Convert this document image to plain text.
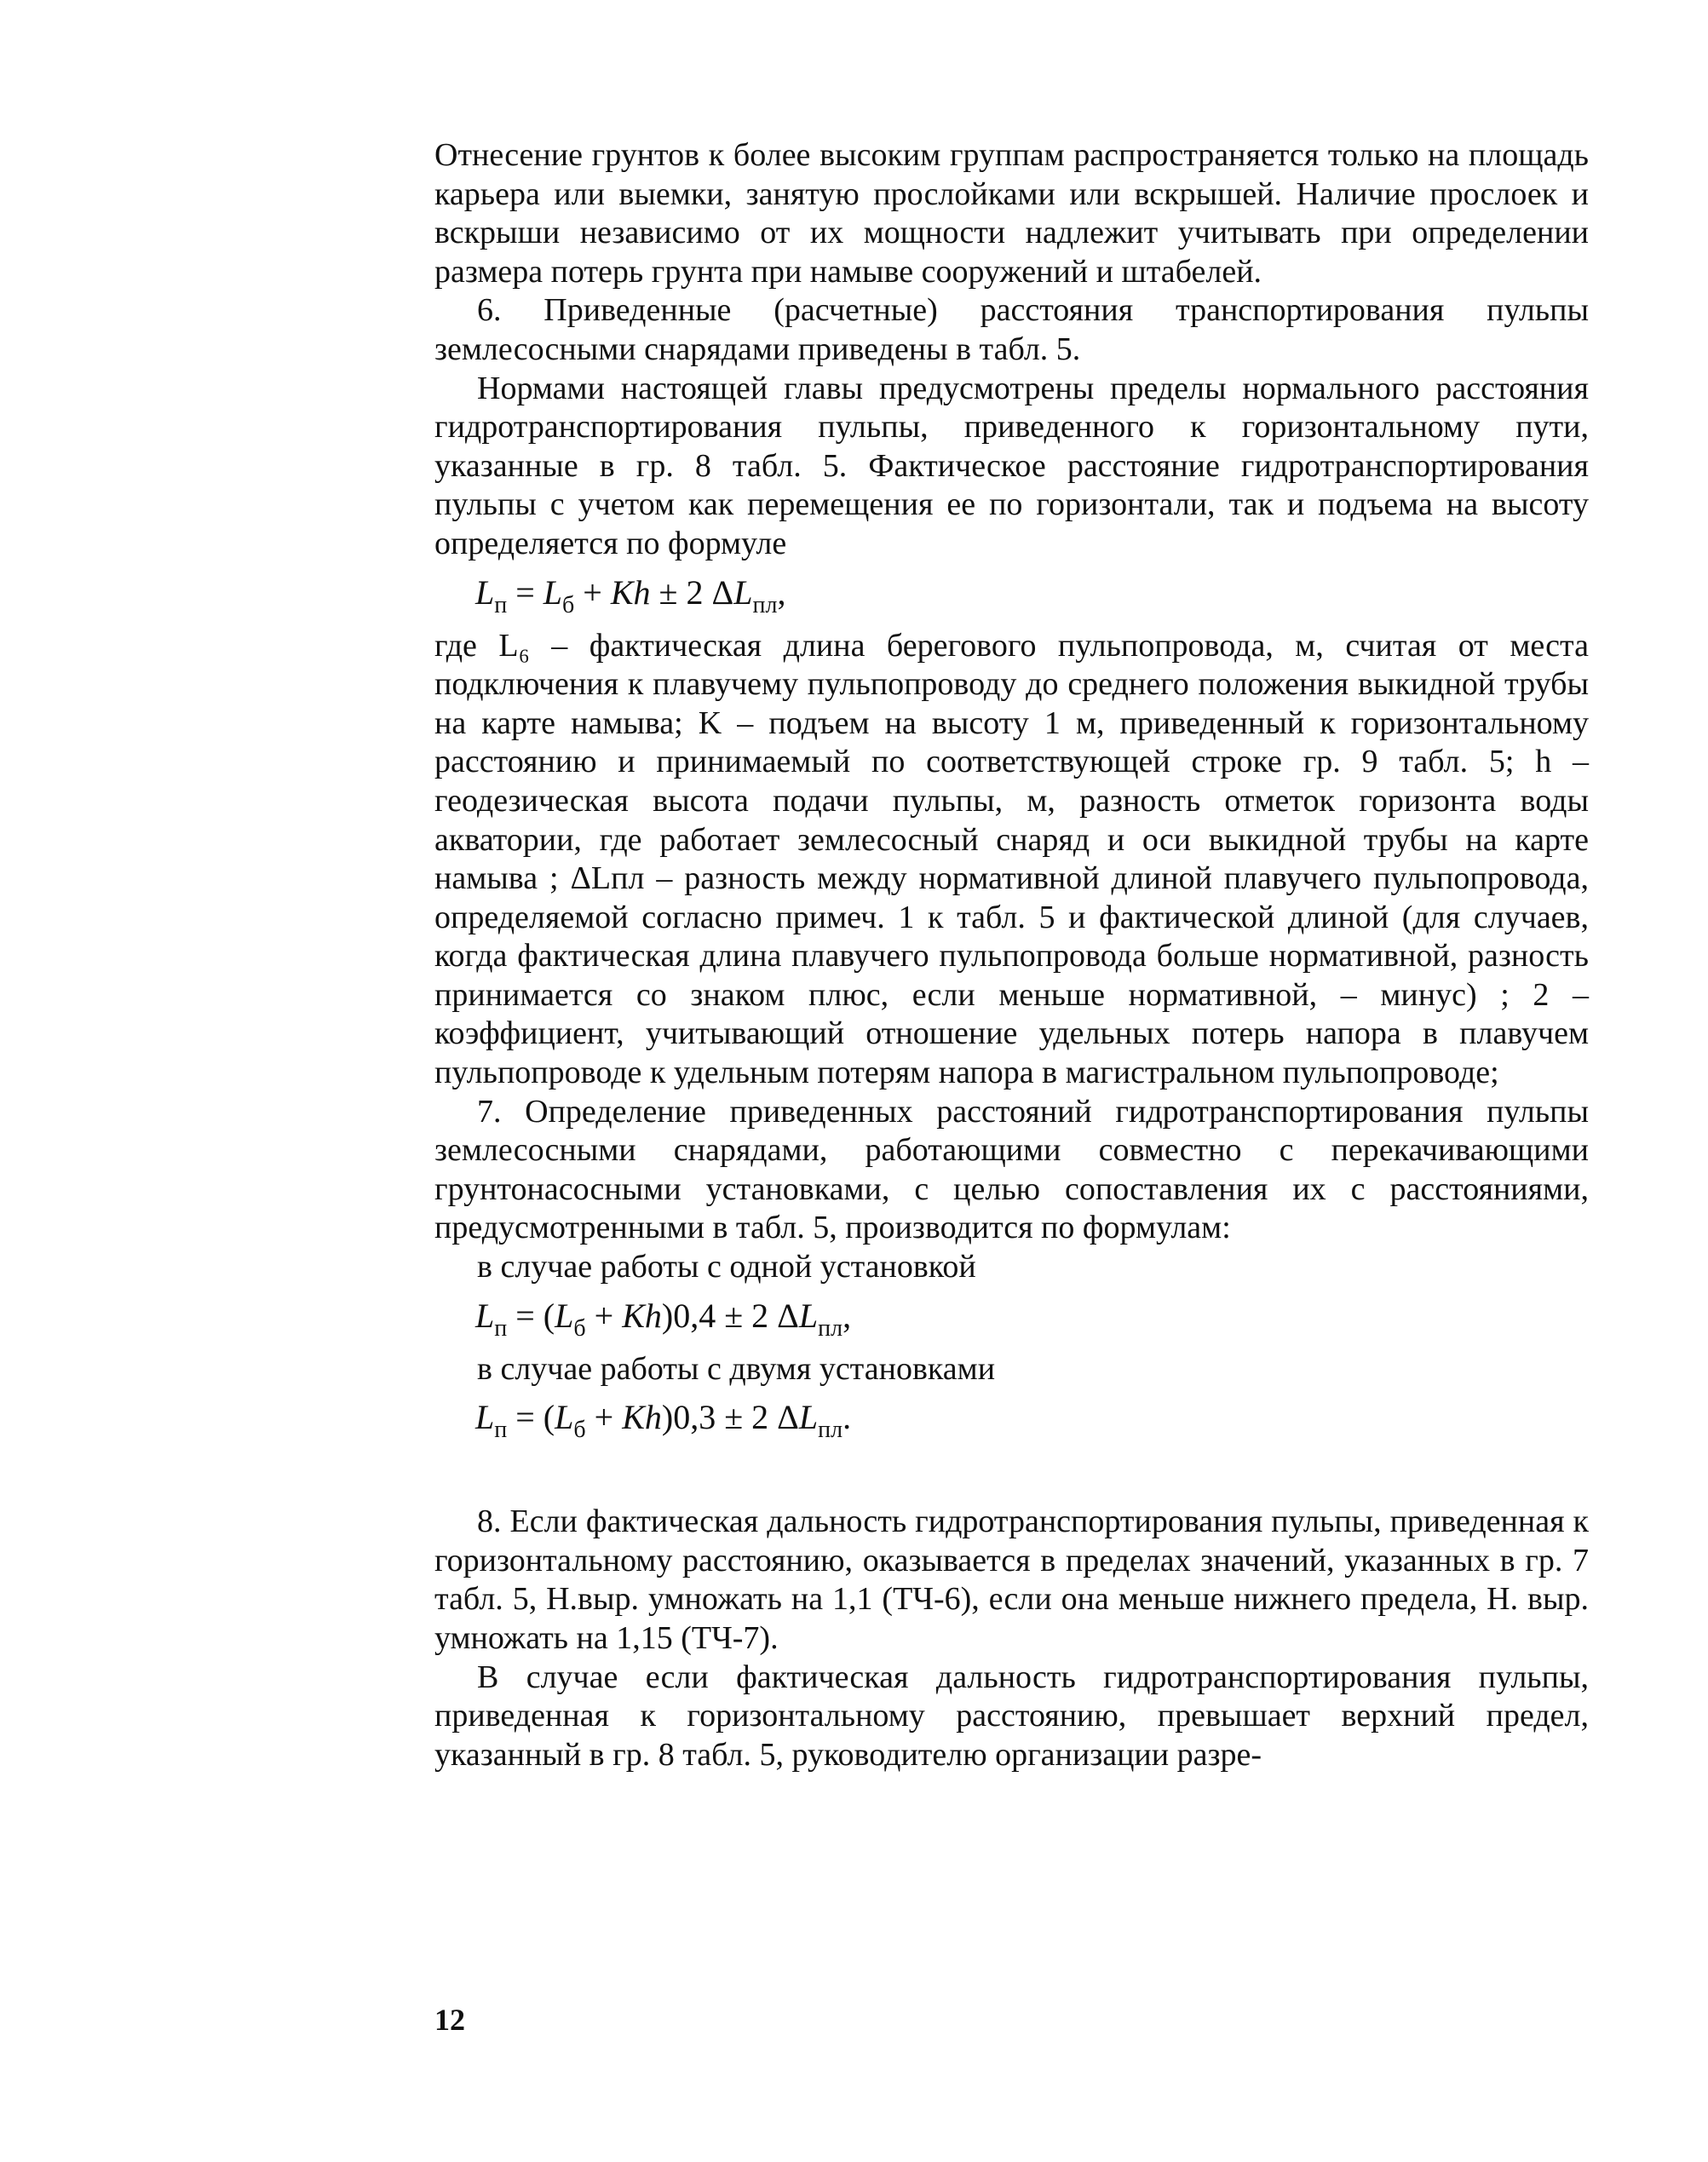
Отнесение грунтов к более высоким группам распространяется только на площадь карьера или выемки, занятую прослойками или вскрышей. Наличие прослоек и вскрыши независимо от их мощности надлежит учитывать при определении размера потерь грунта при намыве сооружений и штабелей.

6. Приведенные (расчетные) расстояния транспортирования пульпы землесосными снарядами приведены в табл. 5.

Нормами настоящей главы предусмотрены пределы нормального расстояния гидротранспортирования пульпы, приведенного к горизонтальному пути, указанные в гр. 8 табл. 5. Фактическое расстояние гидротранспортирования пульпы с учетом как перемещения ее по горизонтали, так и подъема на высоту определяется по формуле

$L_п = L_б + Kh \pm 2$ $\Delta L_{пл}$,

где L₆ – фактическая длина берегового пульпопровода, м, считая от места подключения к плавучему пульпопроводу до среднего положения выкидной трубы на карте намыва; K – подъем на высоту 1 м, приведенный к горизонтальному расстоянию и принимаемый по соответствующей строке гр. 9 табл. 5; h – геодезическая высота подачи пульпы, м, разность отметок горизонта воды акватории, где работает землесосный снаряд и оси выкидной трубы на карте намыва ; ΔLпл – разность между нормативной длиной плавучего пульпопровода, определяемой согласно примеч. 1 к табл. 5 и фактической длиной (для случаев, когда фактическая длина плавучего пульпопровода больше нормативной, разность принимается со знаком плюс, если меньше нормативной, – минус) ; 2 – коэффициент, учитывающий отношение удельных потерь напора в плавучем пульпопроводе к удельным потерям напора в магистральном пульпопроводе;

7. Определение приведенных расстояний гидротранспортирования пульпы землесосными снарядами, работающими совместно с перекачивающими грунтонасосными установками, с целью сопоставления их с расстояниями, предусмотренными в табл. 5, производится по формулам:

в случае работы с одной установкой

$L_п = (L_б + Kh)0,4 \pm 2$ $\Delta L_{пл}$,

в случае работы с двумя установками

$L_п = (L_б + Kh)0,3 \pm 2$ $\Delta L_{пл}$.

8. Если фактическая дальность гидротранспортирования пульпы, приведенная к горизонтальному расстоянию, оказывается в пределах значений, указанных в гр. 7 табл. 5, Н.выр. умножать на 1,1 (ТЧ-6), если она меньше нижнего предела, Н. выр. умножать на 1,15 (ТЧ-7).

В случае если фактическая дальность гидротранспортирования пульпы, приведенная к горизонтальному расстоянию, превышает верхний предел, указанный в гр. 8 табл. 5, руководителю организации разре-

12
